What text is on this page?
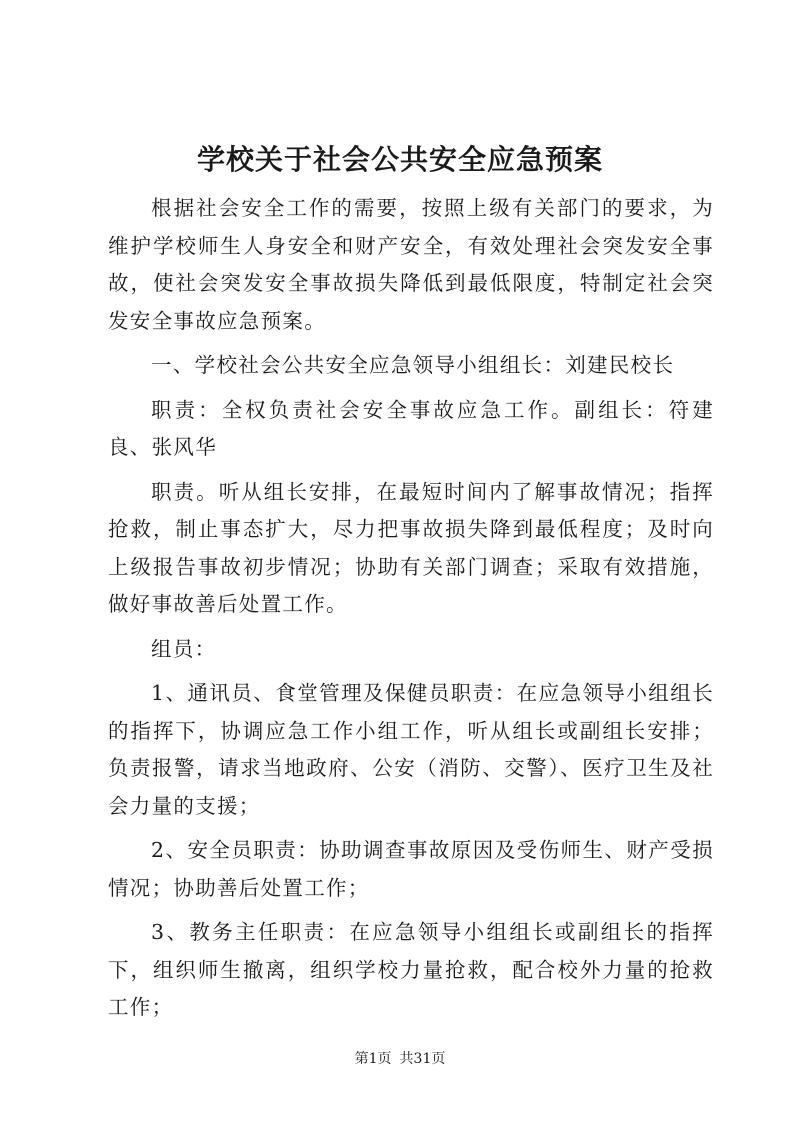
学校关于社会公共安全应急预案

根据社会安全工作的需要，按照上级有关部门的要求，为维护学校师生人身安全和财产安全，有效处理社会突发安全事故，使社会突发安全事故损失降低到最低限度，特制定社会突发安全事故应急预案。

一、学校社会公共安全应急领导小组组长：刘建民校长

职责：全权负责社会安全事故应急工作。副组长：符建良、张风华

职责。听从组长安排，在最短时间内了解事故情况；指挥抢救，制止事态扩大，尽力把事故损失降到最低程度；及时向上级报告事故初步情况；协助有关部门调查；采取有效措施，做好事故善后处置工作。

组员：

1、通讯员、食堂管理及保健员职责：在应急领导小组组长的指挥下，协调应急工作小组工作，听从组长或副组长安排；负责报警，请求当地政府、公安（消防、交警）、医疗卫生及社会力量的支援；

2、安全员职责：协助调查事故原因及受伤师生、财产受损情况；协助善后处置工作；

3、教务主任职责：在应急领导小组组长或副组长的指挥下，组织师生撤离，组织学校力量抢救，配合校外力量的抢救工作；

第1页 共31页
